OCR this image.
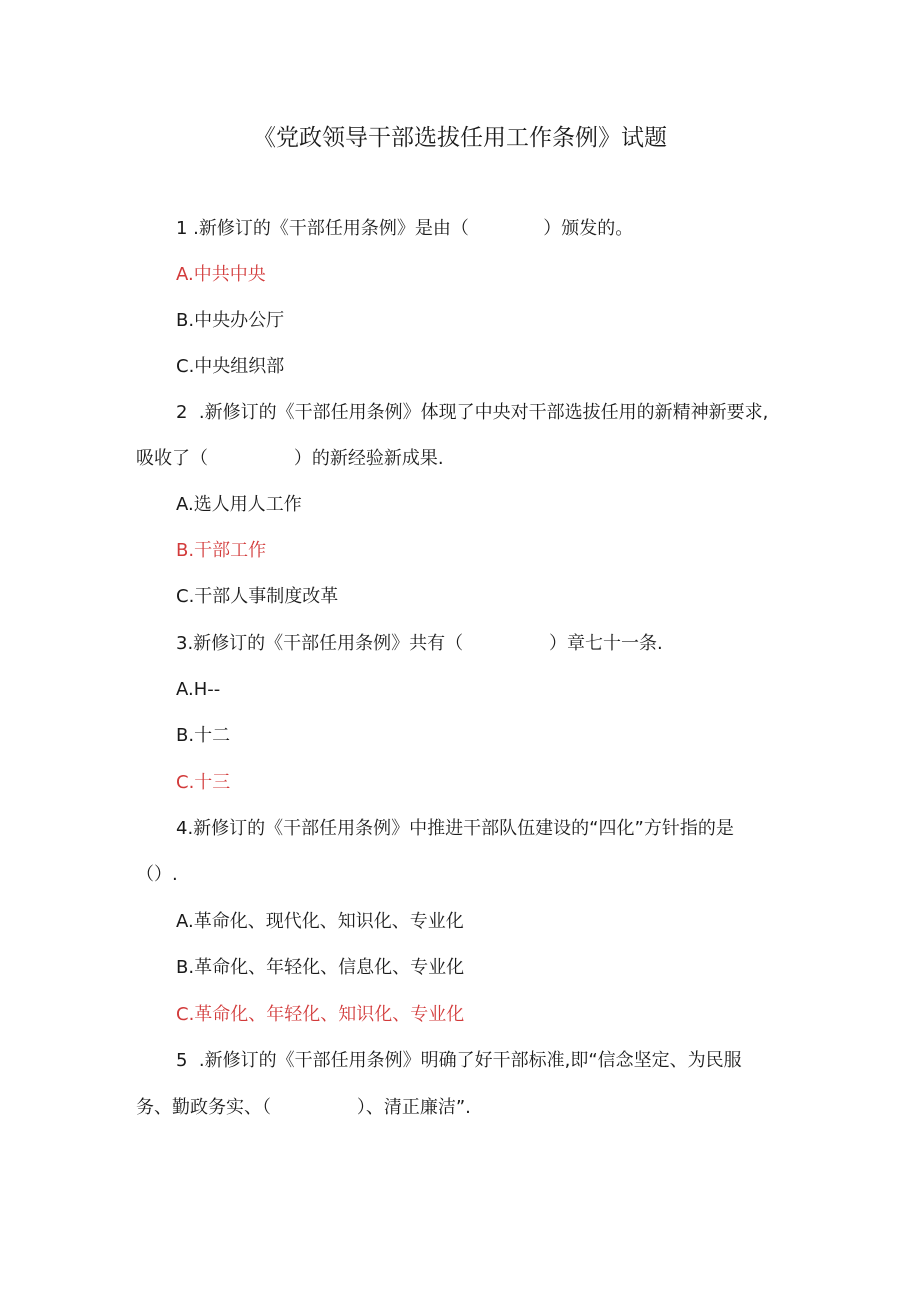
《党政领导干部选拔任用工作条例》试题
1 .新修订的《干部任用条例》是由（             ）颁发的。
A.中共中央
B.中央办公厅
C.中央组织部
2  .新修订的《干部任用条例》体现了中央对干部选拔任用的新精神新要求,
吸收了（               ）的新经验新成果.
A.选人用人工作
B.干部工作
C.干部人事制度改革
3.新修订的《干部任用条例》共有（               ）章七十一条.
A.H--
B.十二
C.十三
4.新修订的《干部任用条例》中推进干部队伍建设的“四化”方针指的是
（）.
A.革命化、现代化、知识化、专业化
B.革命化、年轻化、信息化、专业化
C.革命化、年轻化、知识化、专业化
5  .新修订的《干部任用条例》明确了好干部标准,即“信念坚定、为民服
务、勤政务实、（               ）、清正廉洁”.
